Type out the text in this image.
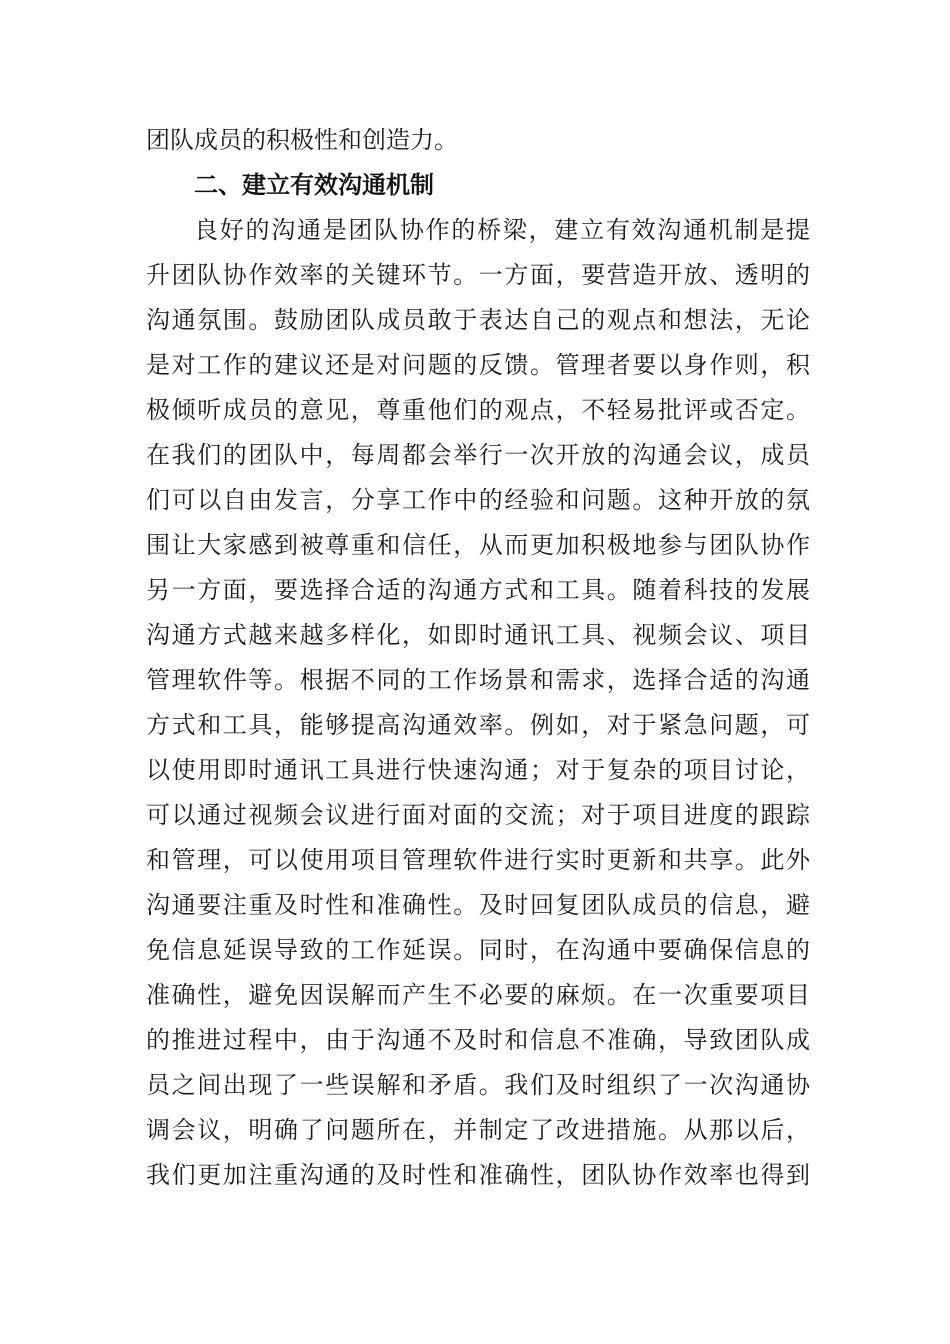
团队成员的积极性和创造力。
二、建立有效沟通机制
良好的沟通是团队协作的桥梁，建立有效沟通机制是提
升团队协作效率的关键环节。一方面，要营造开放、透明的
沟通氛围。鼓励团队成员敢于表达自己的观点和想法，无论
是对工作的建议还是对问题的反馈。管理者要以身作则，积
极倾听成员的意见，尊重他们的观点，不轻易批评或否定。
在我们的团队中，每周都会举行一次开放的沟通会议，成员
们可以自由发言，分享工作中的经验和问题。这种开放的氛
围让大家感到被尊重和信任，从而更加积极地参与团队协作
另一方面，要选择合适的沟通方式和工具。随着科技的发展
沟通方式越来越多样化，如即时通讯工具、视频会议、项目
管理软件等。根据不同的工作场景和需求，选择合适的沟通
方式和工具，能够提高沟通效率。例如，对于紧急问题，可
以使用即时通讯工具进行快速沟通；对于复杂的项目讨论，
可以通过视频会议进行面对面的交流；对于项目进度的跟踪
和管理，可以使用项目管理软件进行实时更新和共享。此外
沟通要注重及时性和准确性。及时回复团队成员的信息，避
免信息延误导致的工作延误。同时，在沟通中要确保信息的
准确性，避免因误解而产生不必要的麻烦。在一次重要项目
的推进过程中，由于沟通不及时和信息不准确，导致团队成
员之间出现了一些误解和矛盾。我们及时组织了一次沟通协
调会议，明确了问题所在，并制定了改进措施。从那以后，
我们更加注重沟通的及时性和准确性，团队协作效率也得到
